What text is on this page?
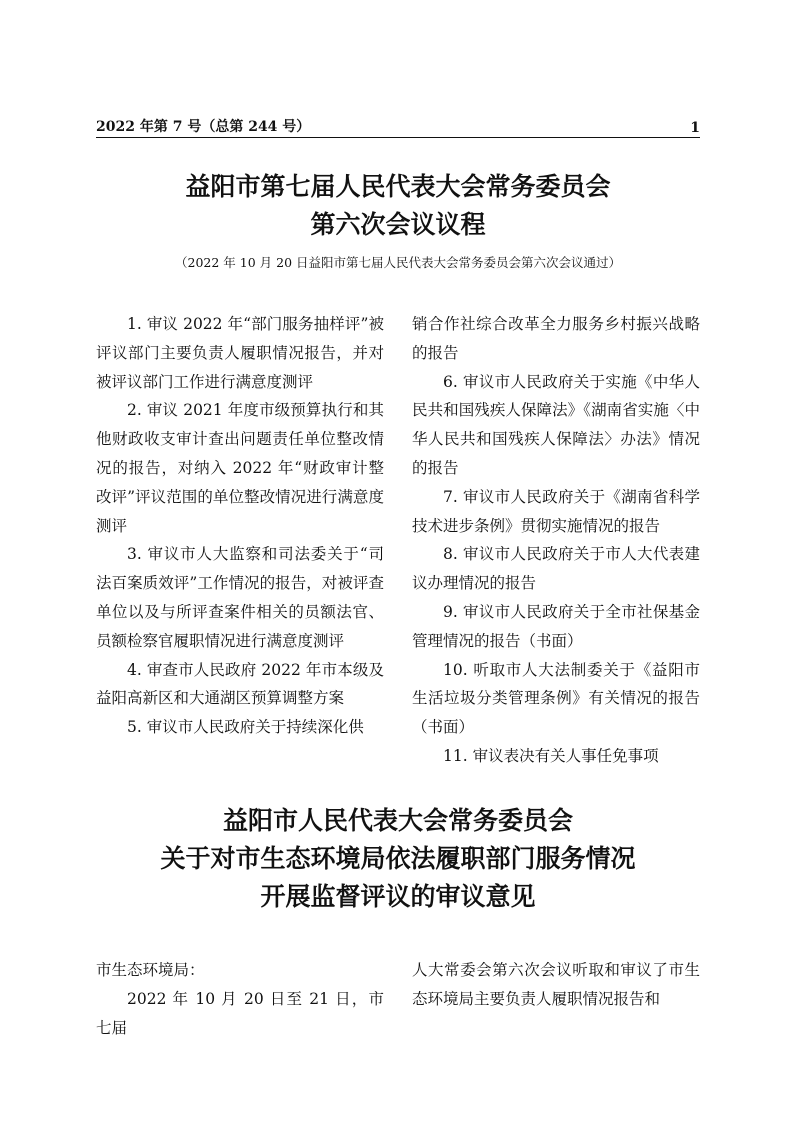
2022 年第 7 号（总第 244 号）	1
益阳市第七届人民代表大会常务委员会
第六次会议议程
（2022 年 10 月 20 日益阳市第七届人民代表大会常务委员会第六次会议通过）

1. 审议 2022 年“部门服务抽样评”被评议部门主要负责人履职情况报告，并对被评议部门工作进行满意度测评

2. 审议 2021 年度市级预算执行和其他财政收支审计查出问题责任单位整改情况的报告，对纳入 2022 年“财政审计整改评”评议范围的单位整改情况进行满意度测评

3. 审议市人大监察和司法委关于“司法百案质效评”工作情况的报告，对被评查单位以及与所评查案件相关的员额法官、员额检察官履职情况进行满意度测评

4. 审查市人民政府 2022 年市本级及益阳高新区和大通湖区预算调整方案

5. 审议市人民政府关于持续深化供

销合作社综合改革全力服务乡村振兴战略的报告

6. 审议市人民政府关于实施《中华人民共和国残疾人保障法》《湖南省实施〈中华人民共和国残疾人保障法〉办法》情况的报告

7. 审议市人民政府关于《湖南省科学技术进步条例》贯彻实施情况的报告

8. 审议市人民政府关于市人大代表建议办理情况的报告

9. 审议市人民政府关于全市社保基金管理情况的报告（书面）

10. 听取市人大法制委关于《益阳市生活垃圾分类管理条例》有关情况的报告（书面）

11. 审议表决有关人事任免事项

益阳市人民代表大会常务委员会
关于对市生态环境局依法履职部门服务情况
开展监督评议的审议意见

市生态环境局：

2022 年 10 月 20 日至 21 日，市七届

人大常委会第六次会议听取和审议了市生态环境局主要负责人履职情况报告和
